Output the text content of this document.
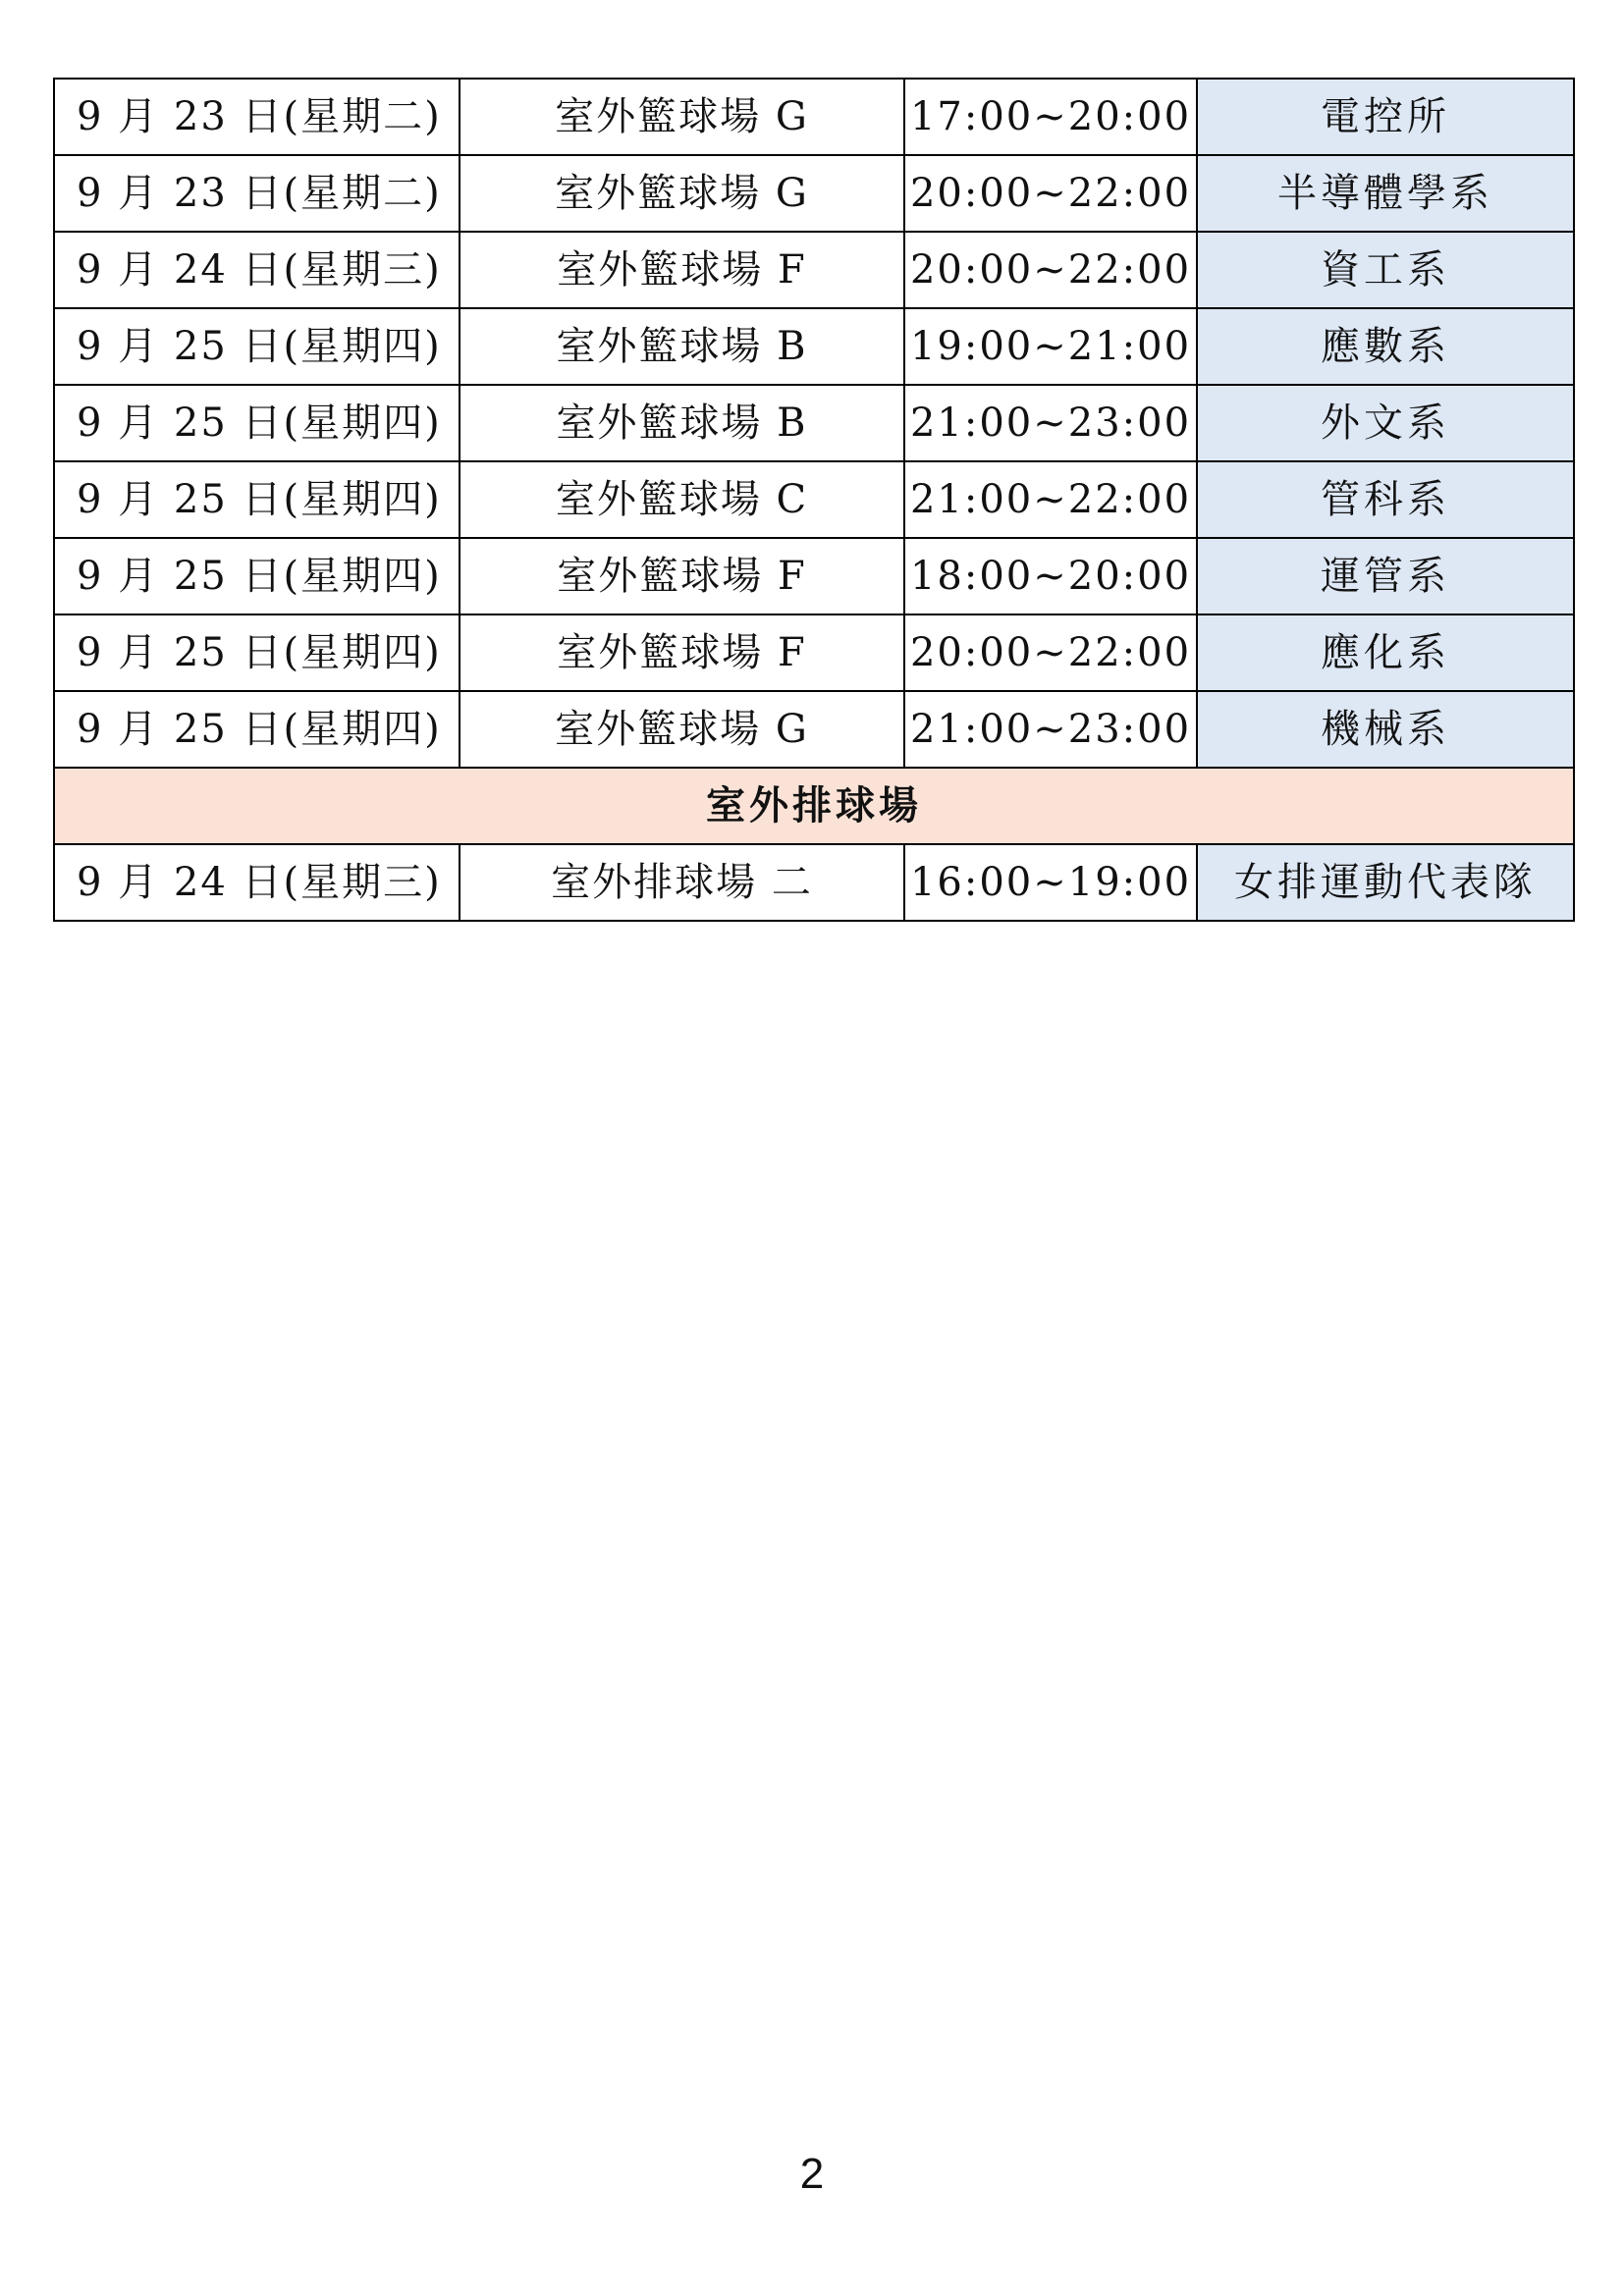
9 月 23 日(星期二)	室外籃球場 G	17:00~20:00	電控所
9 月 23 日(星期二)	室外籃球場 G	20:00~22:00	半導體學系
9 月 24 日(星期三)	室外籃球場 F	20:00~22:00	資工系
9 月 25 日(星期四)	室外籃球場 B	19:00~21:00	應數系
9 月 25 日(星期四)	室外籃球場 B	21:00~23:00	外文系
9 月 25 日(星期四)	室外籃球場 C	21:00~22:00	管科系
9 月 25 日(星期四)	室外籃球場 F	18:00~20:00	運管系
9 月 25 日(星期四)	室外籃球場 F	20:00~22:00	應化系
9 月 25 日(星期四)	室外籃球場 G	21:00~23:00	機械系
室外排球場			
9 月 24 日(星期三)	室外排球場 二	16:00~19:00	女排運動代表隊
2
